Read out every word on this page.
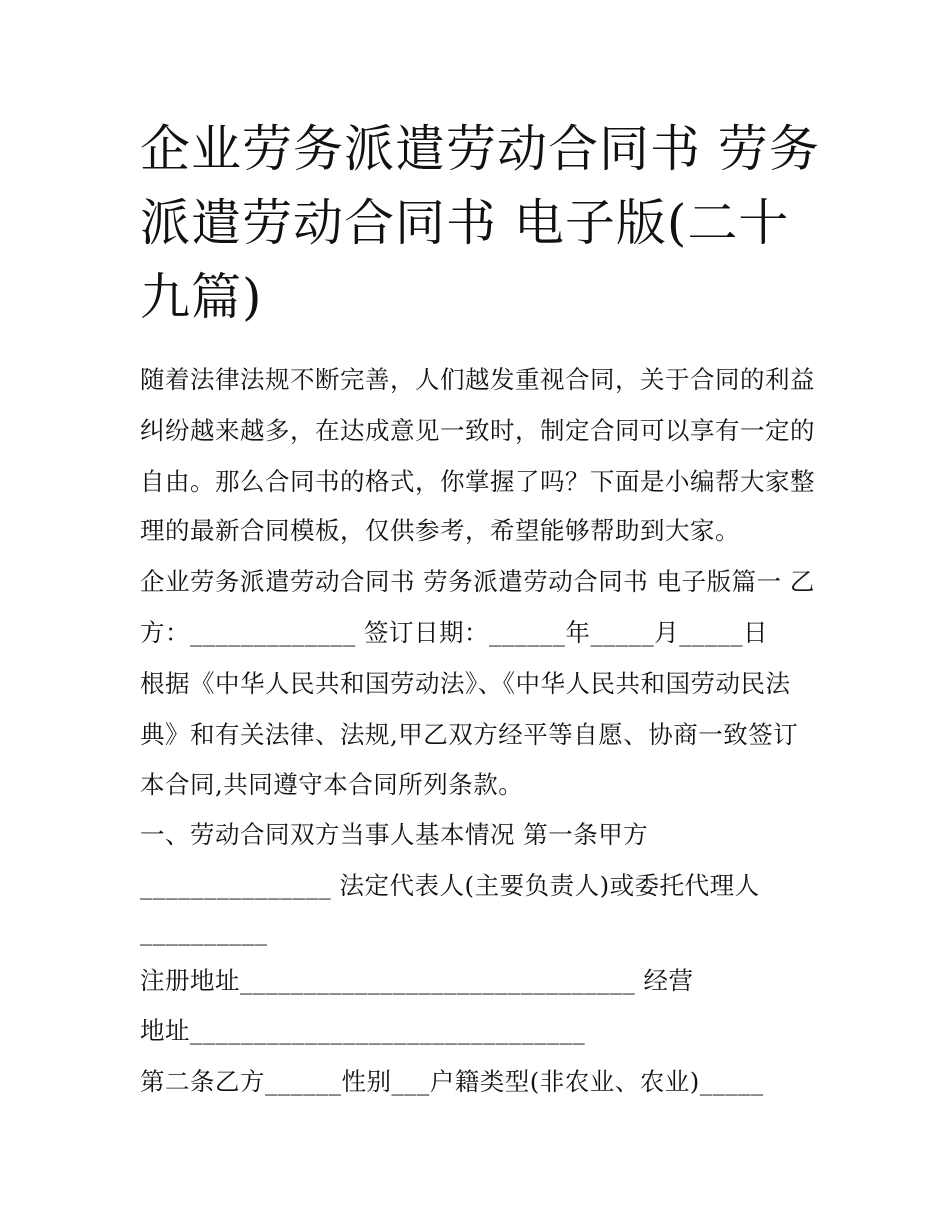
企业劳务派遣劳动合同书 劳务
派遣劳动合同书 电子版(二十
九篇)

随着法律法规不断完善，人们越发重视合同，关于合同的利益

纠纷越来越多，在达成意见一致时，制定合同可以享有一定的

自由。那么合同书的格式，你掌握了吗？下面是小编帮大家整

理的最新合同模板，仅供参考，希望能够帮助到大家。

企业劳务派遣劳动合同书 劳务派遣劳动合同书 电子版篇一 乙

方：_____________ 签订日期：______年_____月_____日

根据《中华人民共和国劳动法》、《中华人民共和国劳动民法

典》和有关法律、法规,甲乙双方经平等自愿、协商一致签订

本合同,共同遵守本合同所列条款。

一、劳动合同双方当事人基本情况 第一条甲方

_______________ 法定代表人(主要负责人)或委托代理人

__________

注册地址_______________________________ 经营

地址_______________________________

第二条乙方______性别___户籍类型(非农业、农业)_____
